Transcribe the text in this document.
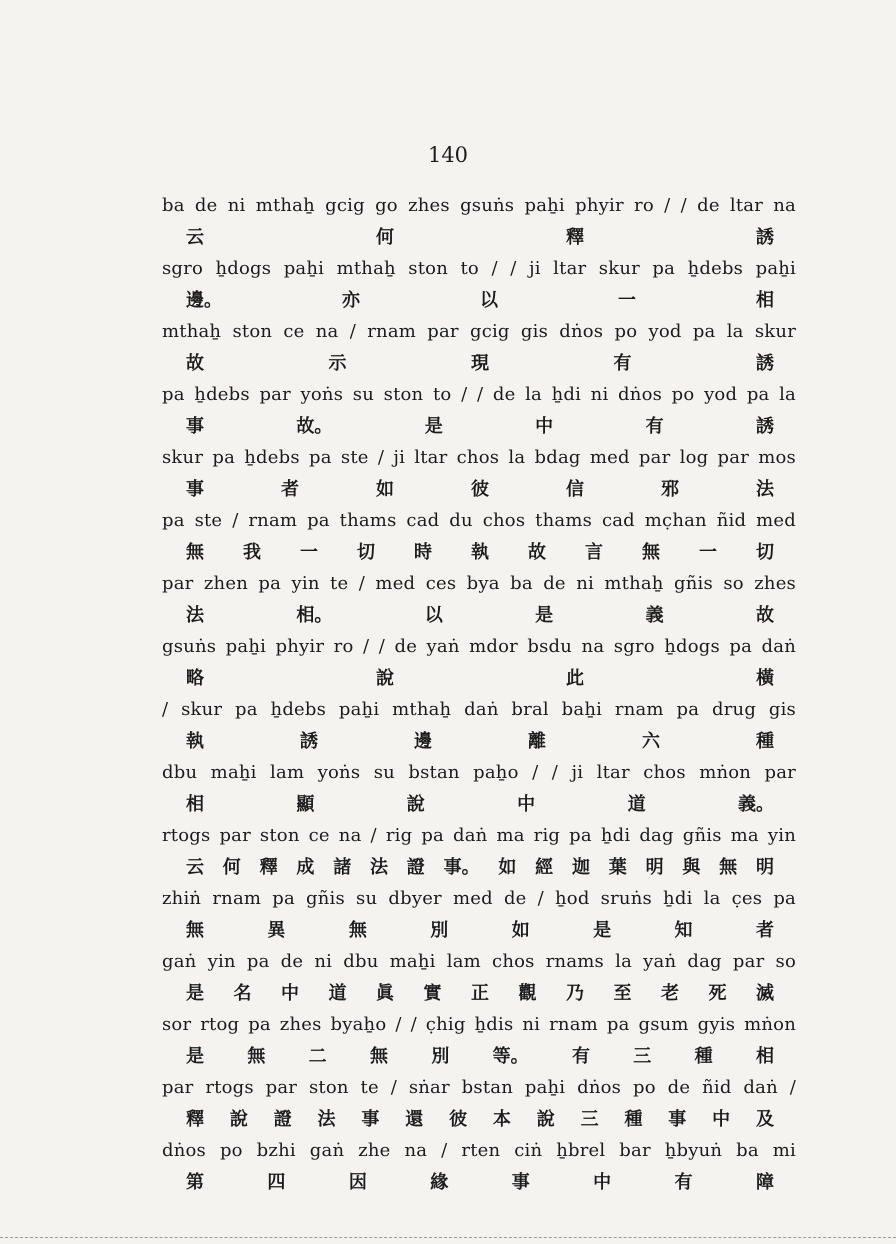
140
ba de ni mthaẖ gcig go zhes gsuṅs paẖi phyir ro / / de ltar na
云	何	釋	誘
sgro ẖdogs paẖi mthaẖ ston to / / ji ltar skur pa ẖdebs paẖi
邊。	亦	以	一	相
mthaẖ ston ce na / rnam par gcig gis dṅos po yod pa la skur
故	示	現	有	誘
pa ẖdebs par yoṅs su ston to / / de la ẖdi ni dṅos po yod pa la
事	故。	是	中	有	誘
skur pa ẖdebs pa ste / ji ltar chos la bdag med par log par mos
事	者	如	彼	信	邪	法
pa ste / rnam pa thams cad du chos thams cad mc̣han ñid med
無 我 一 切 時 執 故 言 無 一 切
par zhen pa yin te / med ces bya ba de ni mthaẖ gñis so zhes
法	相。	以	是	義	故
gsuṅs paẖi phyir ro / / de yaṅ mdor bsdu na sgro ẖdogs pa daṅ
略	說	此	橫
/ skur pa ẖdebs paẖi mthaẖ daṅ bral baẖi rnam pa drug gis
執	誘	邊	離	六	種
dbu maẖi lam yoṅs su bstan paẖo / / ji ltar chos mṅon par
相	顯	說	中	道	義。
rtogs par ston ce na / rig pa daṅ ma rig pa ẖdi dag gñis ma yin
云 何 釋 成 諸 法 證 事。 如 經 迦 葉 明 與 無 明
zhiṅ rnam pa gñis su dbyer med de / ẖod sruṅs ẖdi la c̣es pa
無	異	無	別	如	是	知	者
gaṅ yin pa de ni dbu maẖi lam chos rnams la yaṅ dag par so
是 名 中 道 眞 實 正 觀 乃 至 老 死 滅
sor rtog pa zhes byaẖo / / c̣hig ẖdis ni rnam pa gsum gyis mṅon
是 無 二 無 別 等。 有 三 種 相
par rtogs par ston te / sṅar bstan paẖi dṅos po de ñid daṅ /
釋 說 證 法 事 還 彼 本 說 三 種 事 中 及
dṅos po bzhi gaṅ zhe na / rten ciṅ ẖbrel bar ẖbyuṅ ba mi
第	四	因	緣	事	中	有	障
